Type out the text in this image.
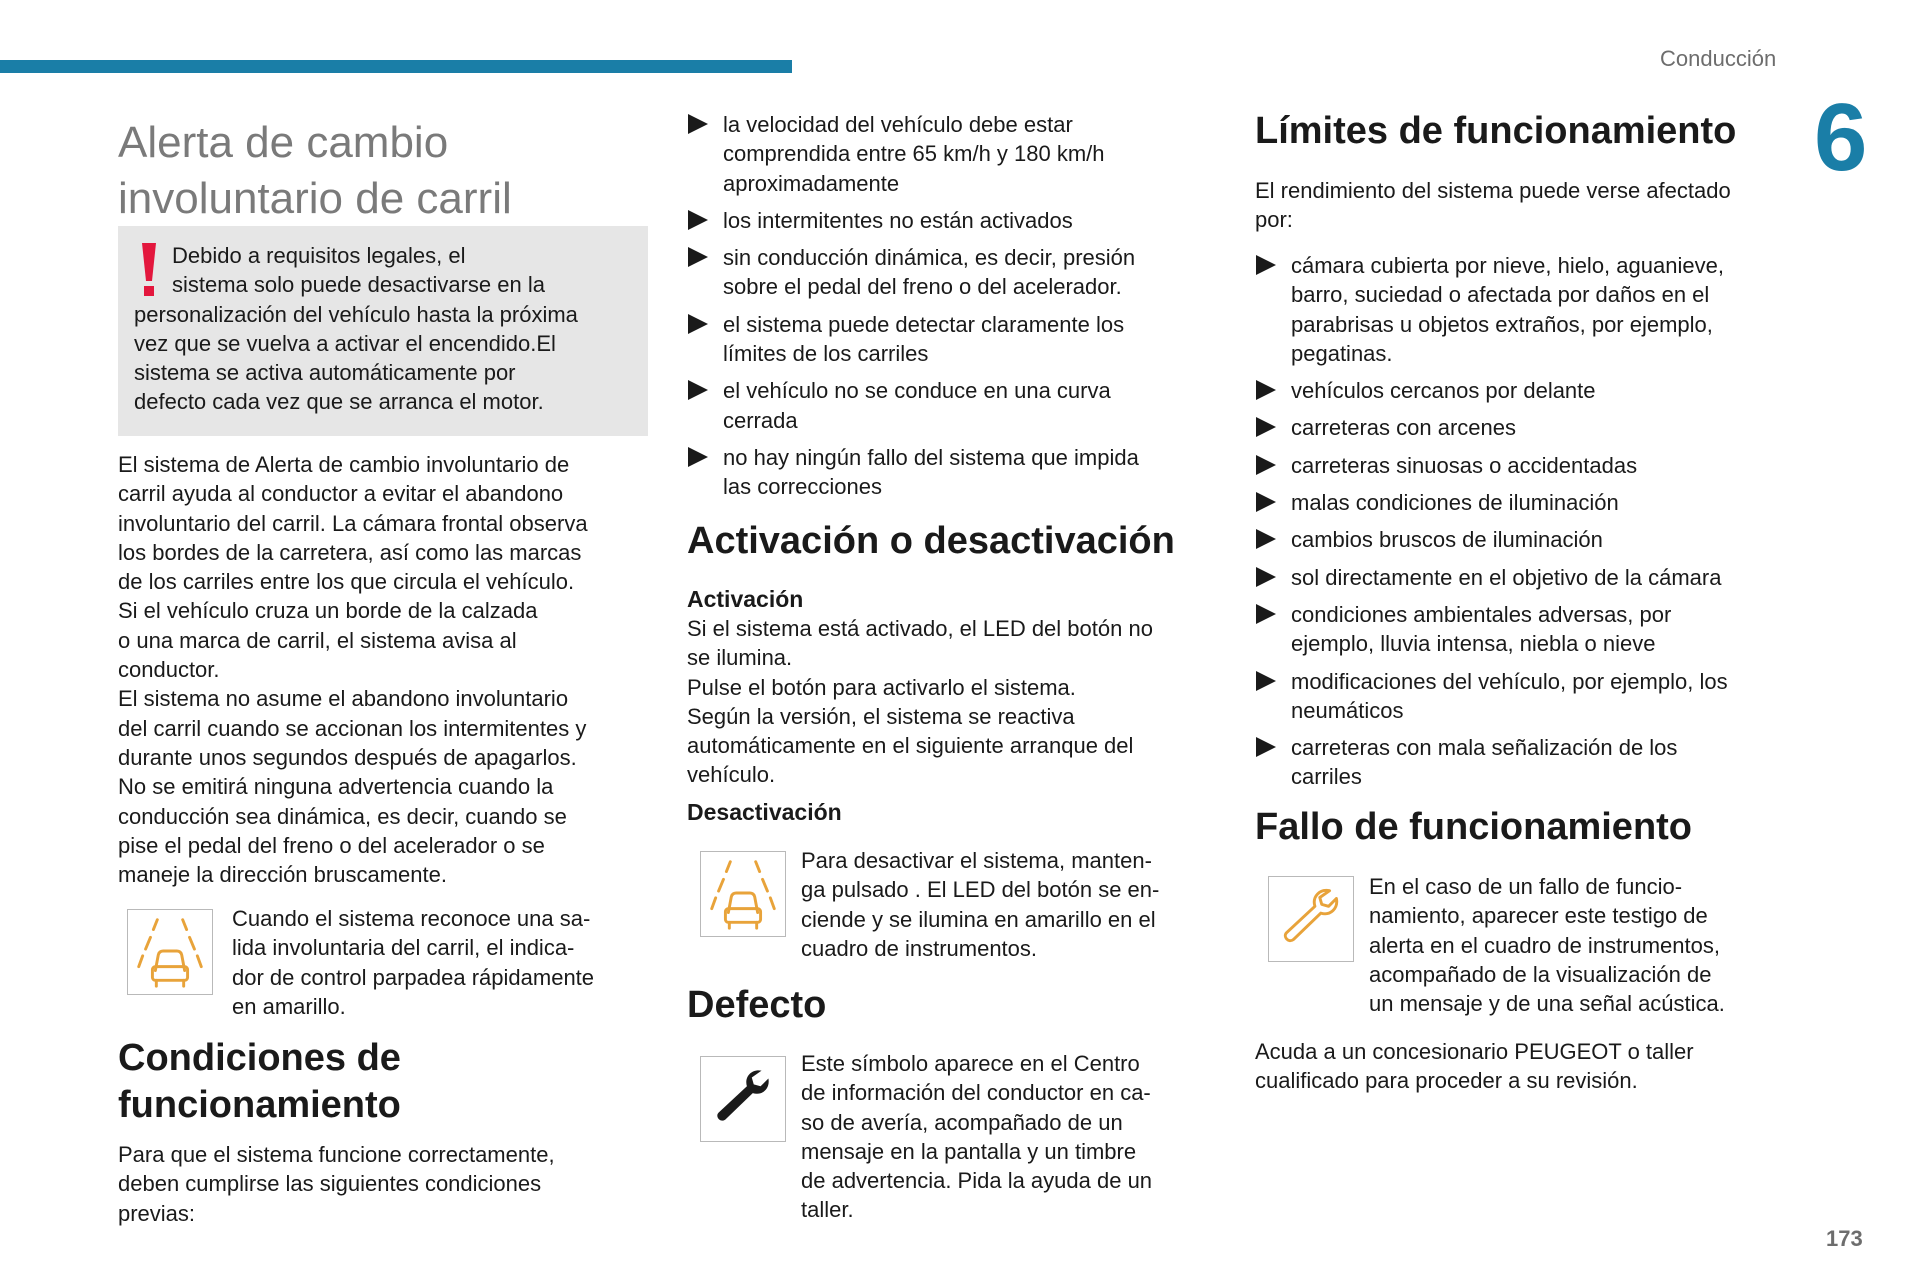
Conducción
6
173
Alerta de cambio
involuntario de carril

Debido a requisitos legales, el
sistema solo puede desactivarse en la
personalización del vehículo hasta la próxima
vez que se vuelva a activar el encendido.El
sistema se activa automáticamente por
defecto cada vez que se arranca el motor.

El sistema de Alerta de cambio involuntario de
carril ayuda al conductor a evitar el abandono
involuntario del carril. La cámara frontal observa
los bordes de la carretera, así como las marcas
de los carriles entre los que circula el vehículo.
Si el vehículo cruza un borde de la calzada
o una marca de carril, el sistema avisa al
conductor.
El sistema no asume el abandono involuntario
del carril cuando se accionan los intermitentes y
durante unos segundos después de apagarlos.
No se emitirá ninguna advertencia cuando la
conducción sea dinámica, es decir, cuando se
pise el pedal del freno o del acelerador o se
maneje la dirección bruscamente.

Cuando el sistema reconoce una sa-
lida involuntaria del carril, el indica-
dor de control parpadea rápidamente
en amarillo.

Condiciones de
funcionamiento

Para que el sistema funcione correctamente,
deben cumplirse las siguientes condiciones
previas:

la velocidad del vehículo debe estar
comprendida entre 65 km/h y 180 km/h
aproximadamente
los intermitentes no están activados
sin conducción dinámica, es decir, presión
sobre el pedal del freno o del acelerador.
el sistema puede detectar claramente los
límites de los carriles
el vehículo no se conduce en una curva
cerrada
no hay ningún fallo del sistema que impida
las correcciones
Activación o desactivación
Activación

Si el sistema está activado, el LED del botón no
se ilumina.
Pulse el botón para activarlo el sistema.
Según la versión, el sistema se reactiva
automáticamente en el siguiente arranque del
vehículo.

Desactivación

Para desactivar el sistema, manten-
ga pulsado . El LED del botón se en-
ciende y se ilumina en amarillo en el
cuadro de instrumentos.

Defecto

Este símbolo aparece en el Centro
de información del conductor en ca-
so de avería, acompañado de un
mensaje en la pantalla y un timbre
de advertencia. Pida la ayuda de un
taller.

Límites de funcionamiento

El rendimiento del sistema puede verse afectado
por:

cámara cubierta por nieve, hielo, aguanieve,
barro, suciedad o afectada por daños en el
parabrisas u objetos extraños, por ejemplo,
pegatinas.
vehículos cercanos por delante
carreteras con arcenes
carreteras sinuosas o accidentadas
malas condiciones de iluminación
cambios bruscos de iluminación
sol directamente en el objetivo de la cámara
condiciones ambientales adversas, por
ejemplo, lluvia intensa, niebla o nieve
modificaciones del vehículo, por ejemplo, los
neumáticos
carreteras con mala señalización de los
carriles
Fallo de funcionamiento

En el caso de un fallo de funcio-
namiento, aparecer este testigo de
alerta en el cuadro de instrumentos,
acompañado de la visualización de
un mensaje y de una señal acústica.

Acuda a un concesionario PEUGEOT o taller
cualificado para proceder a su revisión.
